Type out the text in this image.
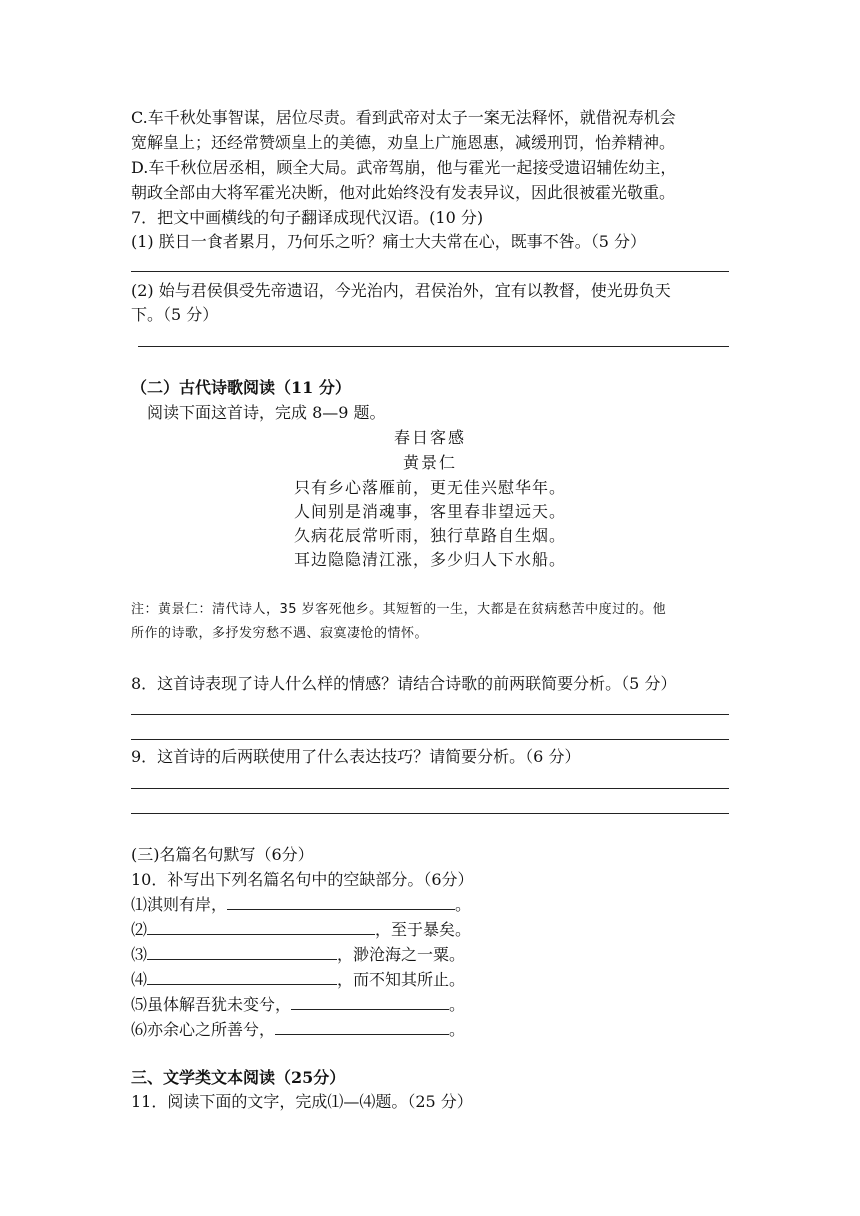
C.车千秋处事智谋，居位尽责。看到武帝对太子一案无法释怀，就借祝寿机会
宽解皇上；还经常赞颂皇上的美德，劝皇上广施恩惠，减缓刑罚，怡养精神。
D.车千秋位居丞相，顾全大局。武帝驾崩，他与霍光一起接受遗诏辅佐幼主，
朝政全部由大将军霍光决断，他对此始终没有发表异议，因此很被霍光敬重。
7．把文中画横线的句子翻译成现代汉语。(10 分)
(1) 朕日一食者累月，乃何乐之听？痛士大夫常在心，既事不咎。（5 分）
(2) 始与君侯俱受先帝遗诏，今光治内，君侯治外，宜有以教督，使光毋负天
下。（5 分）
（二）古代诗歌阅读（11 分）
阅读下面这首诗，完成 8—9 题。
春日客感
黄景仁
只有乡心落雁前，更无佳兴慰华年。
人间别是消魂事，客里春非望远天。
久病花辰常听雨，独行草路自生烟。
耳边隐隐清江涨，多少归人下水船。
注：黄景仁：清代诗人，35 岁客死他乡。其短暂的一生，大都是在贫病愁苦中度过的。他
所作的诗歌，多抒发穷愁不遇、寂寞凄怆的情怀。
8．这首诗表现了诗人什么样的情感？请结合诗歌的前两联简要分析。（5 分）
9．这首诗的后两联使用了什么表达技巧？请简要分析。（6 分）
(三)名篇名句默写（6分）
10．补写出下列名篇名句中的空缺部分。（6分）
⑴淇则有岸，	。
⑵	，至于暴矣。
⑶	，渺沧海之一粟。
⑷	，而不知其所止。
⑸虽体解吾犹未变兮，	。
⑹亦余心之所善兮，	。
三、文学类文本阅读（25分）
11．阅读下面的文字，完成⑴—⑷题。（25 分）
